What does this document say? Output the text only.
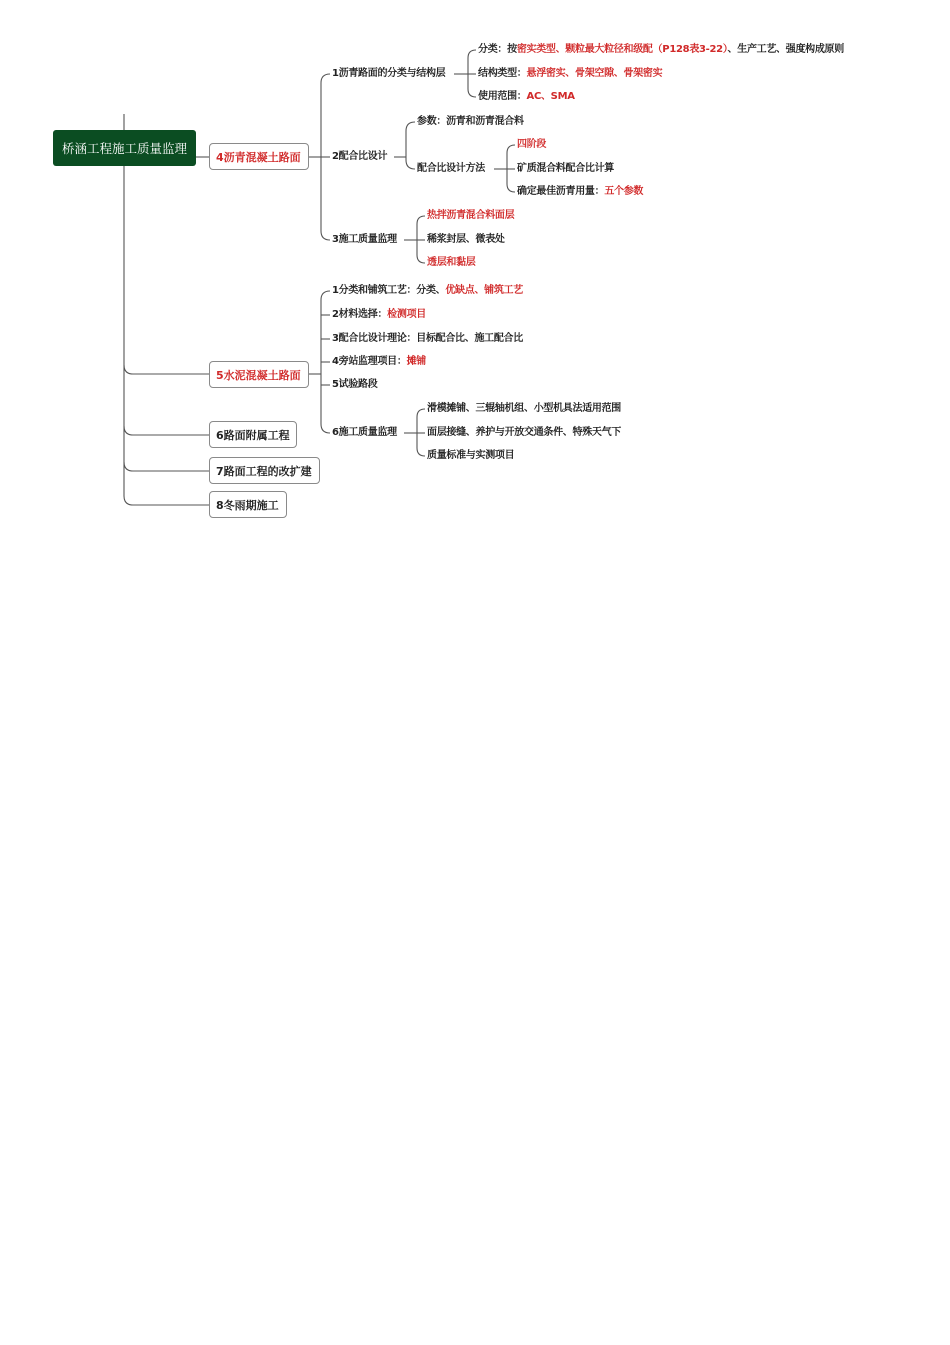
桥涵工程施工质量监理
4沥青混凝土路面
1沥青路面的分类与结构层
分类：按密实类型、颗粒最大粒径和级配（P128表3-22）、生产工艺、强度构成原则
结构类型：悬浮密实、骨架空隙、骨架密实
使用范围：AC、SMA
2配合比设计
参数：沥青和沥青混合料
配合比设计方法
四阶段
矿质混合料配合比计算
确定最佳沥青用量：五个参数
3施工质量监理
热拌沥青混合料面层
稀浆封层、微表处
透层和黏层
5水泥混凝土路面
1分类和铺筑工艺：分类、优缺点、铺筑工艺
2材料选择：检测项目
3配合比设计理论：目标配合比、施工配合比
4旁站监理项目：摊铺
5试验路段
6施工质量监理
滑模摊铺、三辊轴机组、小型机具法适用范围
面层接缝、养护与开放交通条件、特殊天气下
质量标准与实测项目
6路面附属工程
7路面工程的改扩建
8冬雨期施工
